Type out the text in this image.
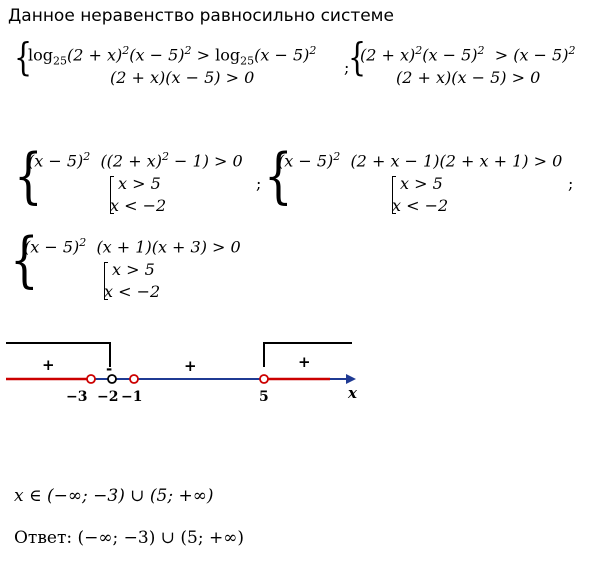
Данное неравенство равносильно системе
{
$\log_{25}(2 + x)^2(x - 5)^2 > \log_{25}(x - 5)^2$
(2 + x)(x − 5) > 0
;
{
$(2 + x)^2(x - 5)^2 > (x - 5)^2$
(2 + x)(x − 5) > 0
{
$(x - 5)^2$  $((2 + x)^2 - 1) > 0$
x > 5
x < −2
; {
$(x - 5)^2$  (2 + x − 1)(2 + x + 1) > 0
x > 5
x < −2
;
{
$(x - 5)^2$  (x + 1)(x + 3) > 0
x > 5
x < −2
+	-	+	+
−3 −2 −1	5	x
x ∈ (−∞; −3) ∪ (5; +∞)
Ответ: (−∞; −3) ∪ (5; +∞)
